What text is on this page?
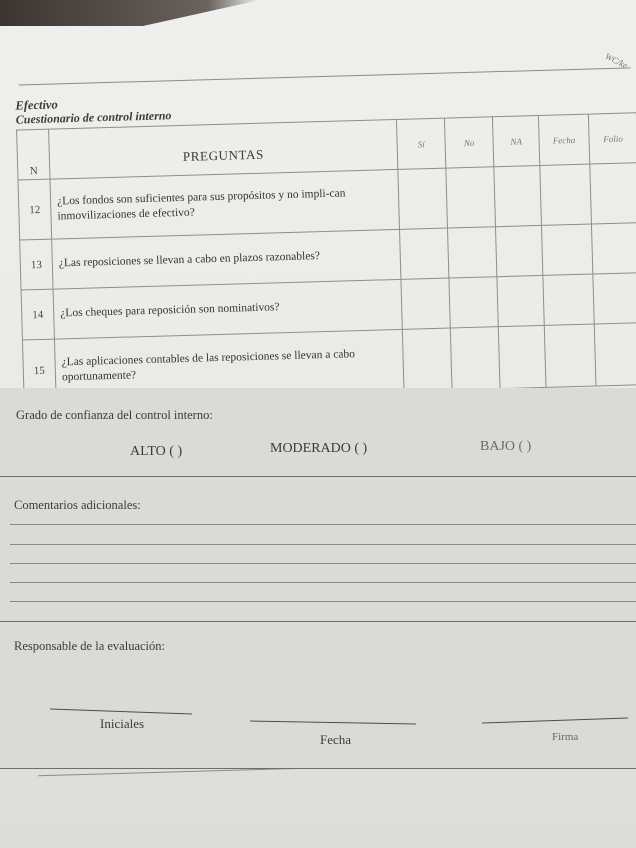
Efectivo
Cuestionario de control interno
WC/ke
N	PREGUNTAS	Sí	No	NA	Fecha	Folio
12	¿Los fondos son suficientes para sus propósitos y no impli-can inmovilizaciones de efectivo?					
13	¿Las reposiciones se llevan a cabo en plazos razonables?					
14	¿Los cheques para reposición son nominativos?					
15	¿Las aplicaciones contables de las reposiciones se llevan a cabo oportunamente?					
Grado de confianza del control interno:
ALTO ( )	MODERADO ( )	BAJO ( )
Comentarios adicionales:
Responsable de la evaluación:
Iniciales
Fecha	Firma
